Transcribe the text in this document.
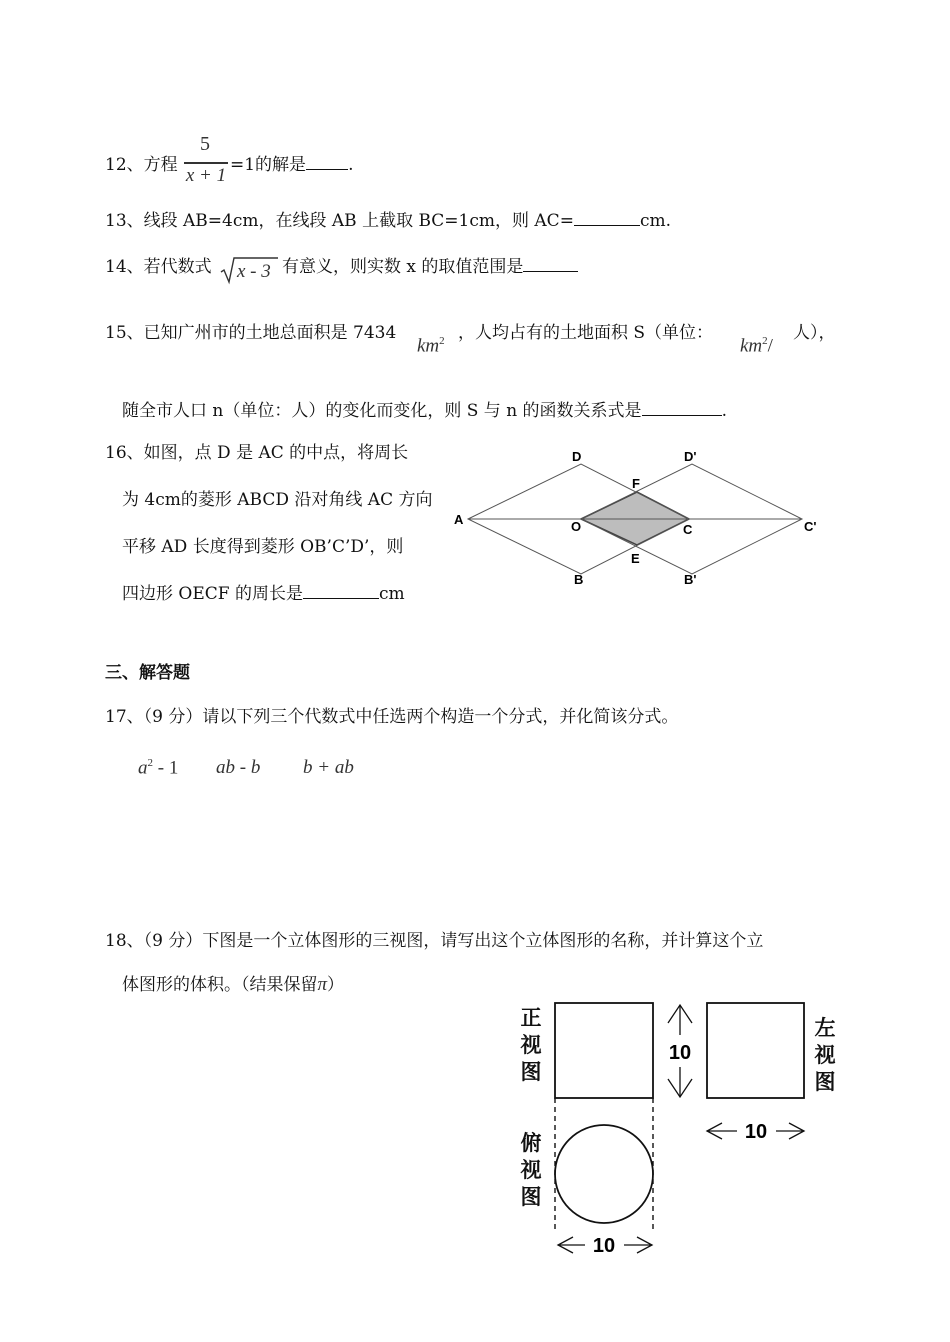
12、方程
5
x + 1 =1的解是 .
13、线段 AB=4cm，在线段 AB 上截取 BC=1cm，则 AC=	cm.
14、若代数式 x - 3 有意义，则实数 x 的取值范围是
15、已知广州市的土地总面积是 7434
$km^2$ ，人均占有的土地面积 S（单位：
$km^2/$
人），
随全市人口 n（单位：人）的变化而变化，则 S 与 n 的函数关系式是	.
16、如图，点 D 是 AC 的中点，将周长
为 4cm的菱形 ABCD 沿对角线 AC 方向
平移 AD 长度得到菱形 OB’C’D’，则
四边形 OECF 的周长是	cm
A
D	D'
F
O	C	C'
E
B	B'
三、解答题
17、（9 分）请以下列三个代数式中任选两个构造一个分式，并化简该分式。
$a^2 - 1$ ab - b b + ab
18、（9 分）下图是一个立体图形的三视图，请写出这个立体图形的名称，并计算这个立
体图形的体积。（结果保留π）
正视图
左视图
俯视图
10
10
10
